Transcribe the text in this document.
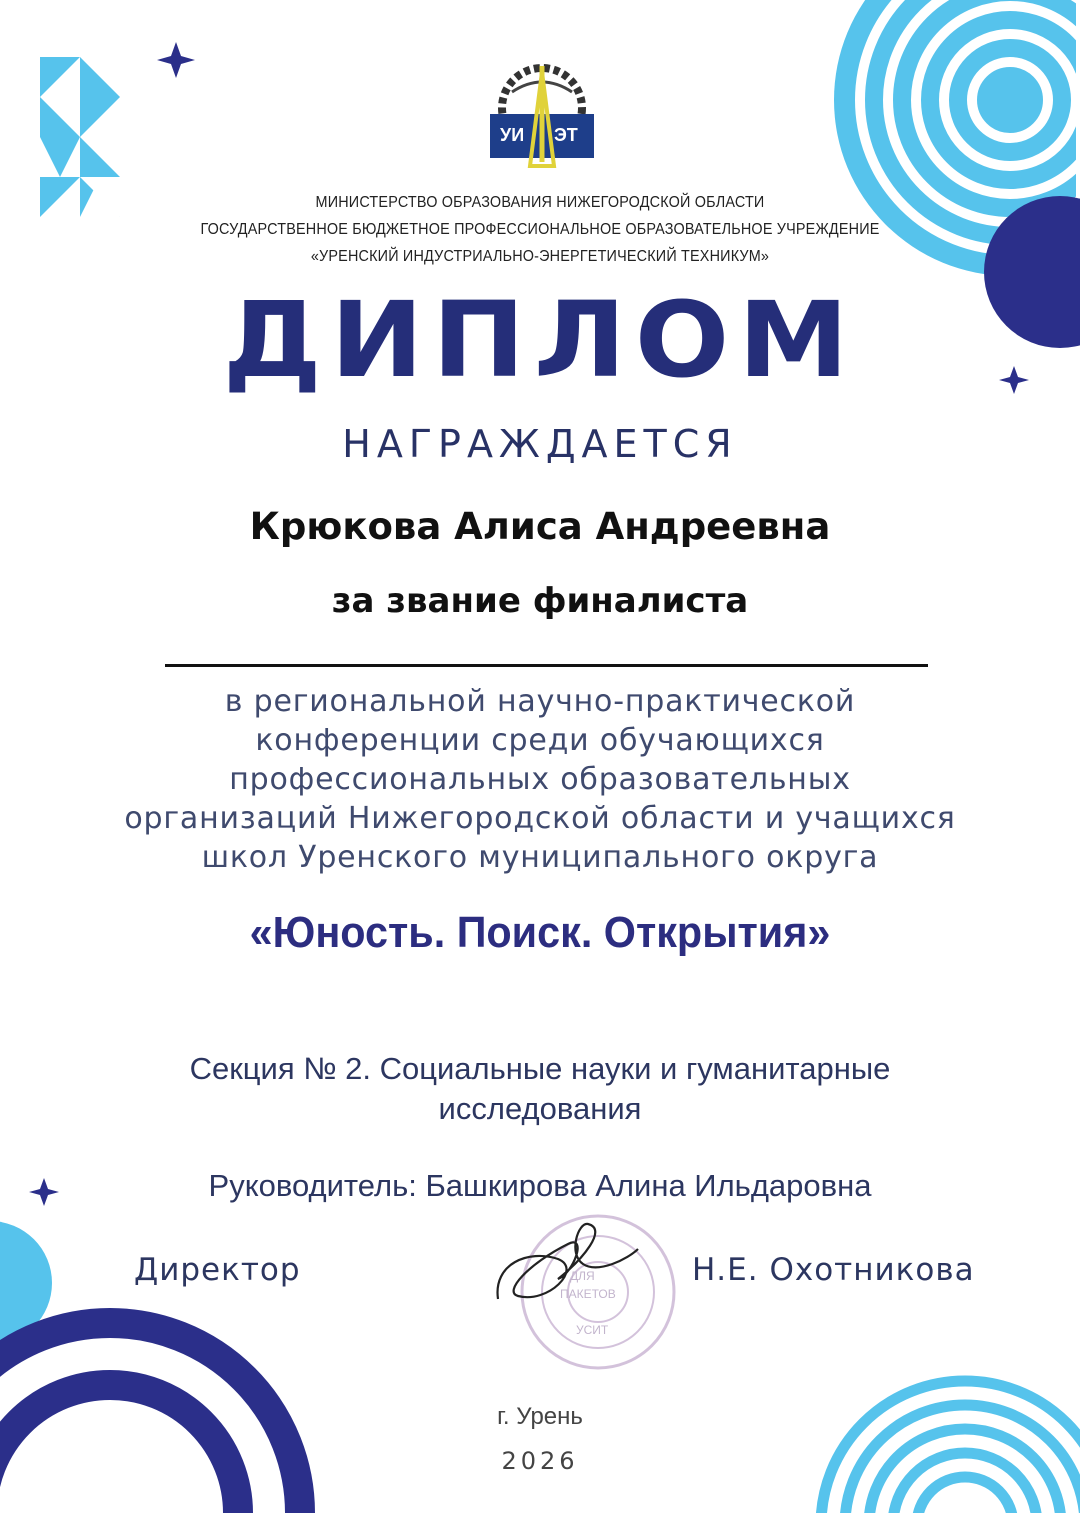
УИ ЭТ
МИНИСТЕРСТВО ОБРАЗОВАНИЯ НИЖЕГОРОДСКОЙ ОБЛАСТИ
ГОСУДАРСТВЕННОЕ БЮДЖЕТНОЕ ПРОФЕССИОНАЛЬНОЕ ОБРАЗОВАТЕЛЬНОЕ УЧРЕЖДЕНИЕ
«УРЕНСКИЙ ИНДУСТРИАЛЬНО-ЭНЕРГЕТИЧЕСКИЙ ТЕХНИКУМ»
ДИПЛОМ
НАГРАЖДАЕТСЯ
Крюкова Алиса Андреевна
за звание финалиста
в региональной научно-практической
конференции среди обучающихся
профессиональных образовательных
организаций Нижегородской области и учащихся
школ Уренского муниципального округа
«Юность. Поиск. Открытия»
Секция № 2. Социальные науки и гуманитарные
исследования
Руководитель: Башкирова Алина Ильдаровна
Директор	ДЛЯ
ПАКЕТОВ
УСИТ
Н.Е. Охотникова
г. Урень
2026
